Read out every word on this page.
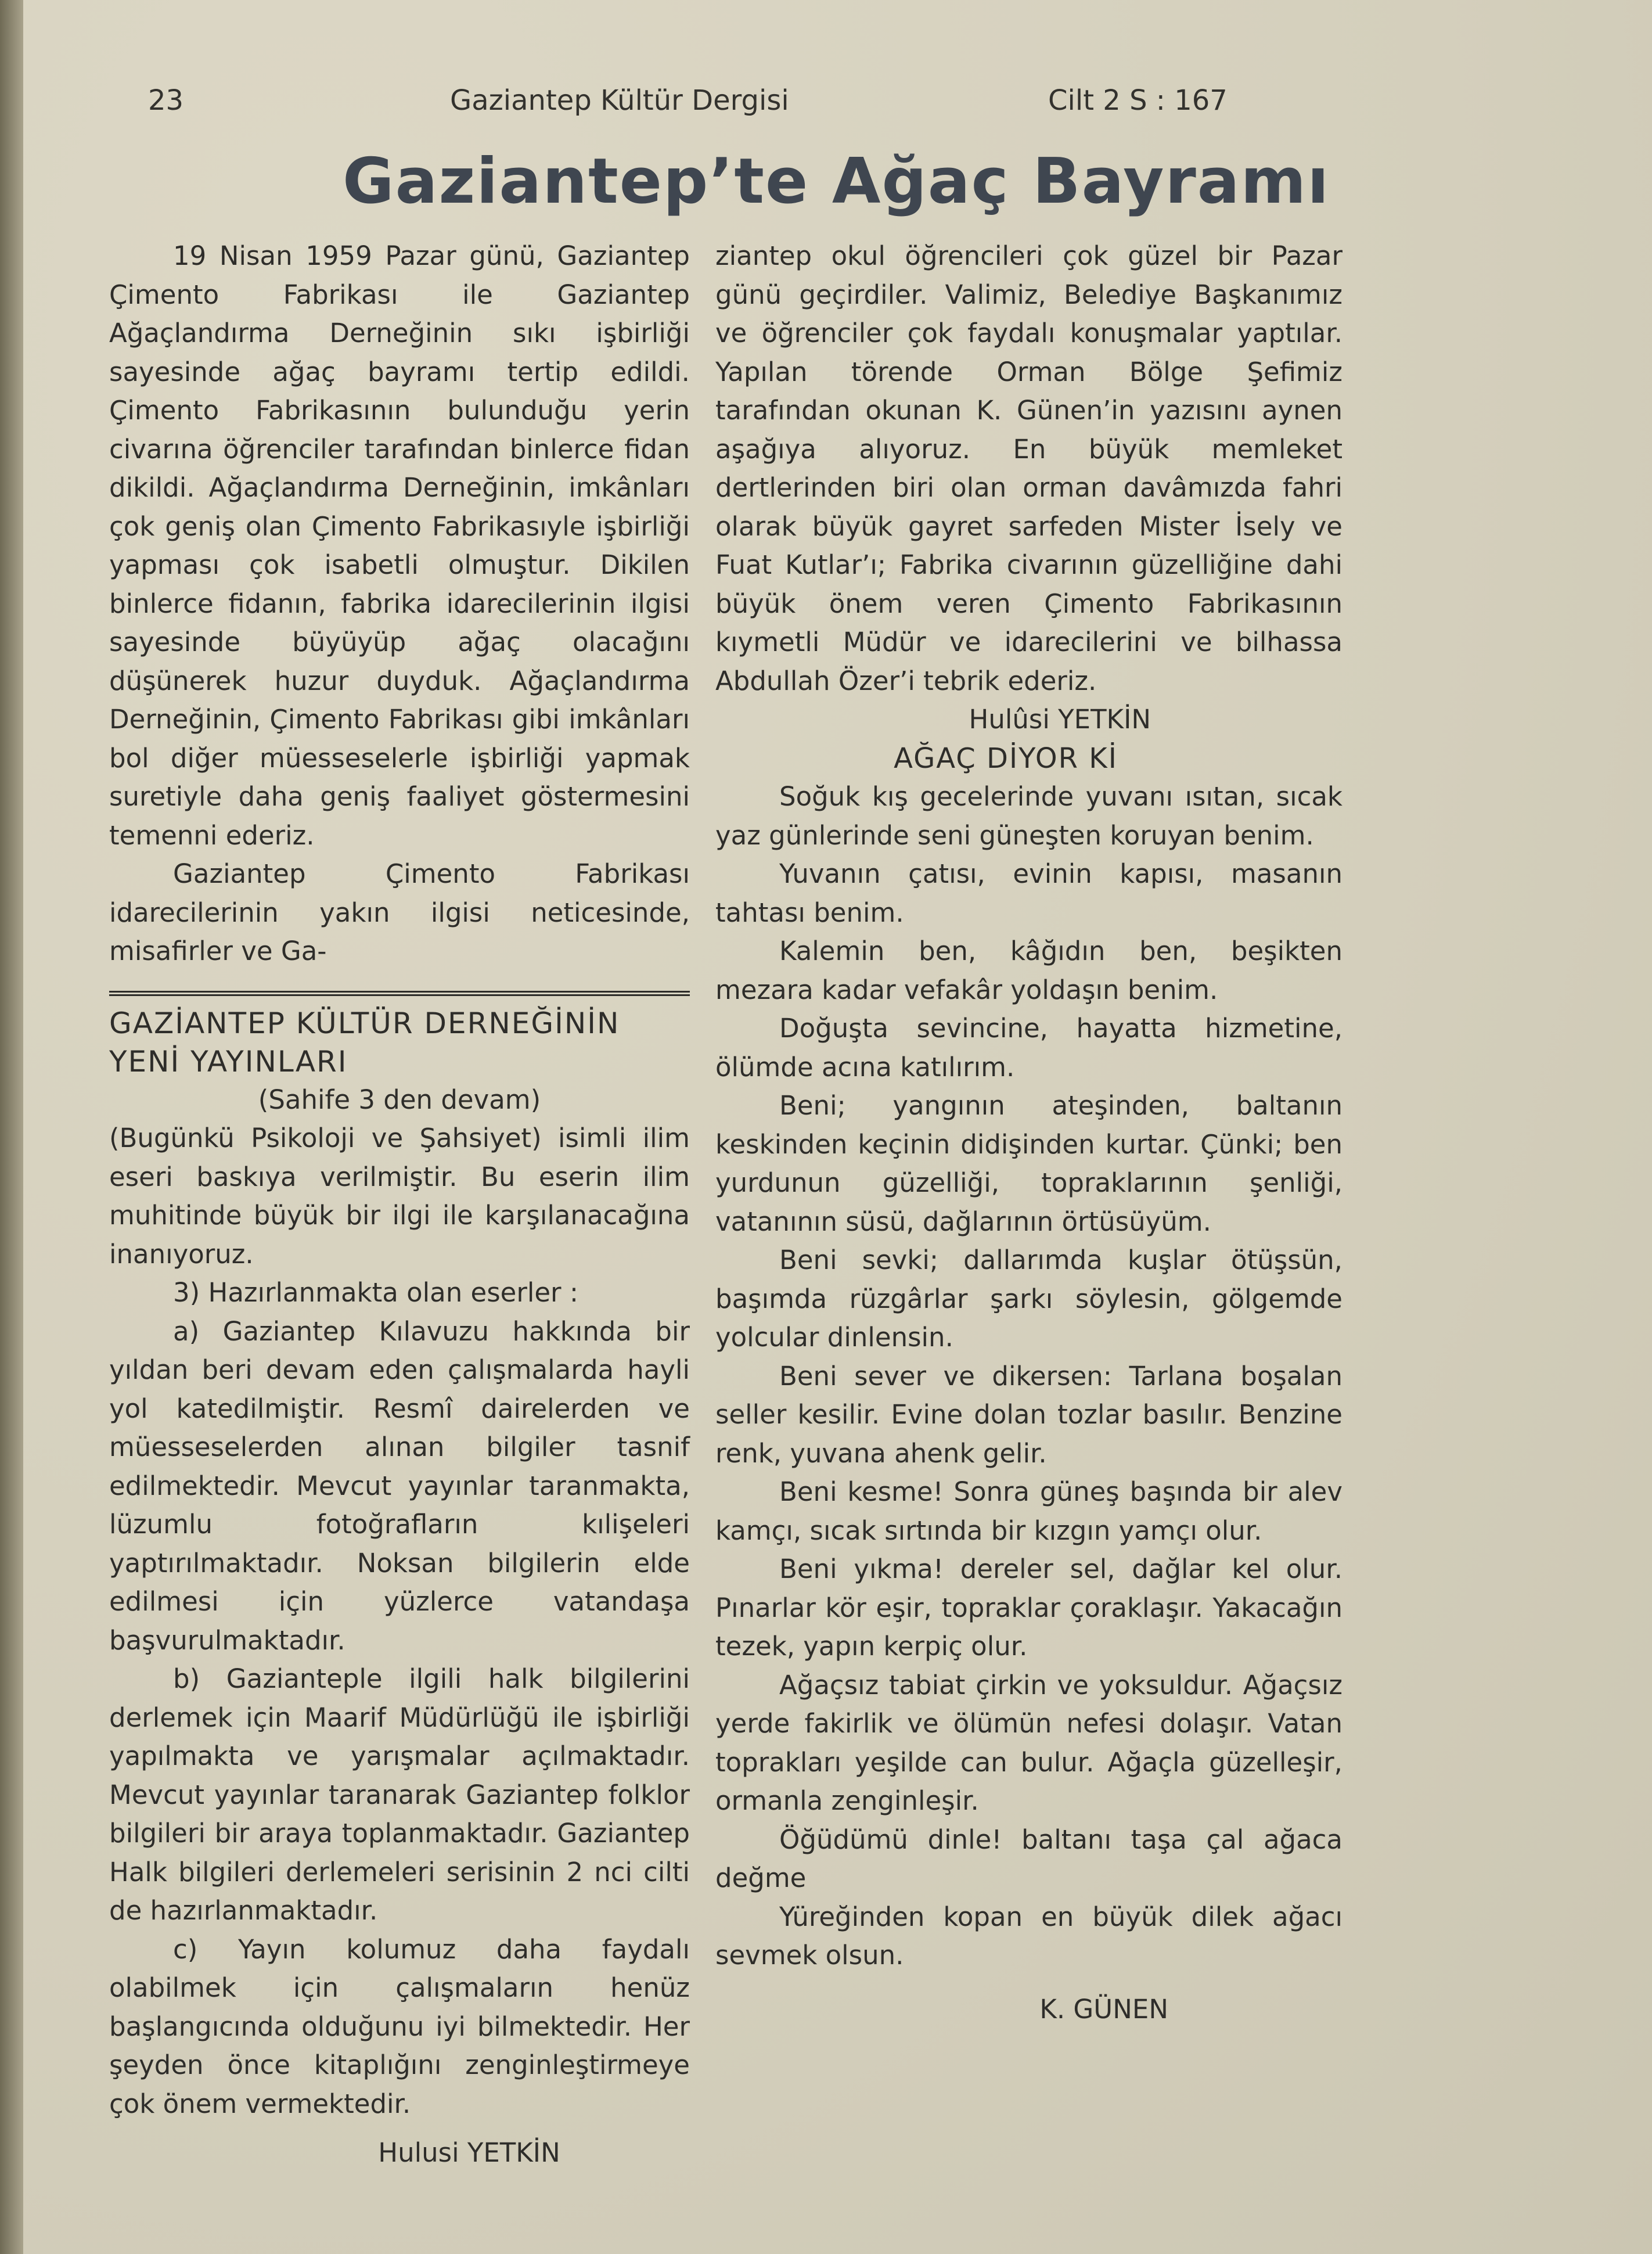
23	Gaziantep Kültür Dergisi	Cilt 2 S : 167
Gaziantep’te Ağaç Bayramı

19 Nisan 1959 Pazar günü, Gaziantep Çimento Fabrikası ile Gaziantep Ağaçlandırma Derneğinin sıkı işbirliği sayesinde ağaç bayramı tertip edildi. Çimento Fabrikasının bulunduğu yerin civarına öğrenciler tarafından binlerce fidan dikildi. Ağaçlandırma Derneğinin, imkânları çok geniş olan Çimento Fabrikasıyle işbirliği yapması çok isabetli olmuştur. Dikilen binlerce fidanın, fabrika idarecilerinin ilgisi sayesinde büyüyüp ağaç olacağını düşünerek huzur duyduk. Ağaçlandırma Derneğinin, Çimento Fabrikası gibi imkânları bol diğer müesseselerle işbirliği yapmak suretiyle daha geniş faaliyet göstermesini temenni ederiz.

Gaziantep Çimento Fabrikası idarecilerinin yakın ilgisi neticesinde, misafirler ve Ga-

GAZİANTEP KÜLTÜR DERNEĞİNİN

YENİ YAYINLARI

(Sahife 3 den devam)

(Bugünkü Psikoloji ve Şahsiyet) isimli ilim eseri baskıya verilmiştir. Bu eserin ilim muhitinde büyük bir ilgi ile karşılanacağına inanıyoruz.

3) Hazırlanmakta olan eserler :

a) Gaziantep Kılavuzu hakkında bir yıldan beri devam eden çalışmalarda hayli yol katedilmiştir. Resmî dairelerden ve müesseselerden alınan bilgiler tasnif edilmektedir. Mevcut yayınlar taranmakta, lüzumlu fotoğrafların kılişeleri yaptırılmaktadır. Noksan bilgilerin elde edilmesi için yüzlerce vatandaşa başvurulmaktadır.

b) Gazianteple ilgili halk bilgilerini derlemek için Maarif Müdürlüğü ile işbirliği yapılmakta ve yarışmalar açılmaktadır. Mevcut yayınlar taranarak Gaziantep folklor bilgileri bir araya toplanmaktadır. Gaziantep Halk bilgileri derlemeleri serisinin 2 nci cilti de hazırlanmaktadır.

c) Yayın kolumuz daha faydalı olabilmek için çalışmaların henüz başlangıcında olduğunu iyi bilmektedir. Her şeyden önce kitaplığını zenginleştirmeye çok önem vermektedir.

Hulusi YETKİN

ziantep okul öğrencileri çok güzel bir Pazar günü geçirdiler. Valimiz, Belediye Başkanımız ve öğrenciler çok faydalı konuşmalar yaptılar. Yapılan törende Orman Bölge Şefimiz tarafından okunan K. Günen’in yazısını aynen aşağıya alıyoruz. En büyük memleket dertlerinden biri olan orman davâmızda fahri olarak büyük gayret sarfeden Mister İsely ve Fuat Kutlar’ı; Fabrika civarının güzelliğine dahi büyük önem veren Çimento Fabrikasının kıymetli Müdür ve idarecilerini ve bilhassa Abdullah Özer’i tebrik ederiz.

Hulûsi YETKİN

AĞAÇ DİYOR Kİ

Soğuk kış gecelerinde yuvanı ısıtan, sıcak yaz günlerinde seni güneşten koruyan benim.

Yuvanın çatısı, evinin kapısı, masanın tahtası benim.

Kalemin ben, kâğıdın ben, beşikten mezara kadar vefakâr yoldaşın benim.

Doğuşta sevincine, hayatta hizmetine, ölümde acına katılırım.

Beni; yangının ateşinden, baltanın keskinden keçinin didişinden kurtar. Çünki; ben yurdunun güzelliği, topraklarının şenliği, vatanının süsü, dağlarının örtüsüyüm.

Beni sevki; dallarımda kuşlar ötüşsün, başımda rüzgârlar şarkı söylesin, gölgemde yolcular dinlensin.

Beni sever ve dikersen: Tarlana boşalan seller kesilir. Evine dolan tozlar basılır. Benzine renk, yuvana ahenk gelir.

Beni kesme! Sonra güneş başında bir alev kamçı, sıcak sırtında bir kızgın yamçı olur.

Beni yıkma! dereler sel, dağlar kel olur. Pınarlar kör eşir, topraklar çoraklaşır. Yakacağın tezek, yapın kerpiç olur.

Ağaçsız tabiat çirkin ve yoksuldur. Ağaçsız yerde fakirlik ve ölümün nefesi dolaşır. Vatan toprakları yeşilde can bulur. Ağaçla güzelleşir, ormanla zenginleşir.

Öğüdümü dinle! baltanı taşa çal ağaca değme

Yüreğinden kopan en büyük dilek ağacı sevmek olsun.

K. GÜNEN
